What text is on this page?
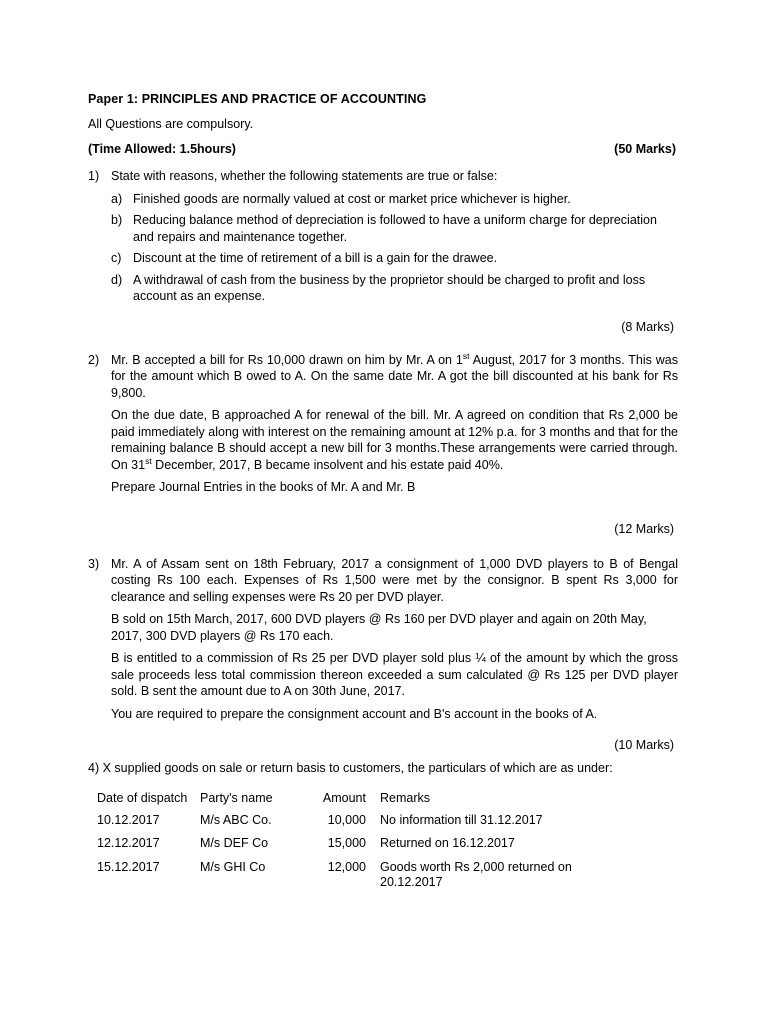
Paper 1: PRINCIPLES AND PRACTICE OF ACCOUNTING
All Questions are compulsory.
(Time Allowed: 1.5hours)	(50 Marks)
1) State with reasons, whether the following statements are true or false:

a) Finished goods are normally valued at cost or market price whichever is higher.
b) Reducing balance method of depreciation is followed to have a uniform charge for depreciation and repairs and maintenance together.
c) Discount at the time of retirement of a bill is a gain for the drawee.
d) A withdrawal of cash from the business by the proprietor should be charged to profit and loss account as an expense.
(8 Marks)
2) Mr. B accepted a bill for Rs 10,000 drawn on him by Mr. A on 1st August, 2017 for 3 months. This was for the amount which B owed to A. On the same date Mr. A got the bill discounted at his bank for Rs 9,800.

On the due date, B approached A for renewal of the bill. Mr. A agreed on condition that Rs 2,000 be paid immediately along with interest on the remaining amount at 12% p.a. for 3 months and that for the remaining balance B should accept a new bill for 3 months.These arrangements were carried through. On 31st December, 2017, B became insolvent and his estate paid 40%.

Prepare Journal Entries in the books of Mr. A and Mr. B

(12 Marks)
3) Mr. A of Assam sent on 18th February, 2017 a consignment of 1,000 DVD players to B of Bengal costing Rs 100 each. Expenses of Rs 1,500 were met by the consignor. B spent Rs 3,000 for clearance and selling expenses were Rs 20 per DVD player.

B sold on 15th March, 2017, 600 DVD players @ Rs 160 per DVD player and again on 20th May, 2017, 300 DVD players @ Rs 170 each.

B is entitled to a commission of Rs 25 per DVD player sold plus ¼ of the amount by which the gross sale proceeds less total commission thereon exceeded a sum calculated @ Rs 125 per DVD player sold. B sent the amount due to A on 30th June, 2017.

You are required to prepare the consignment account and B's account in the books of A.

(10 Marks)
4) X supplied goods on sale or return basis to customers, the particulars of which are as under:
Date of dispatch	Party's name	Amount	Remarks
10.12.2017	M/s ABC Co.	10,000	No information till 31.12.2017
12.12.2017	M/s DEF Co	15,000	Returned on 16.12.2017
15.12.2017	M/s GHI Co	12,000	Goods worth Rs 2,000 returned on 20.12.2017
